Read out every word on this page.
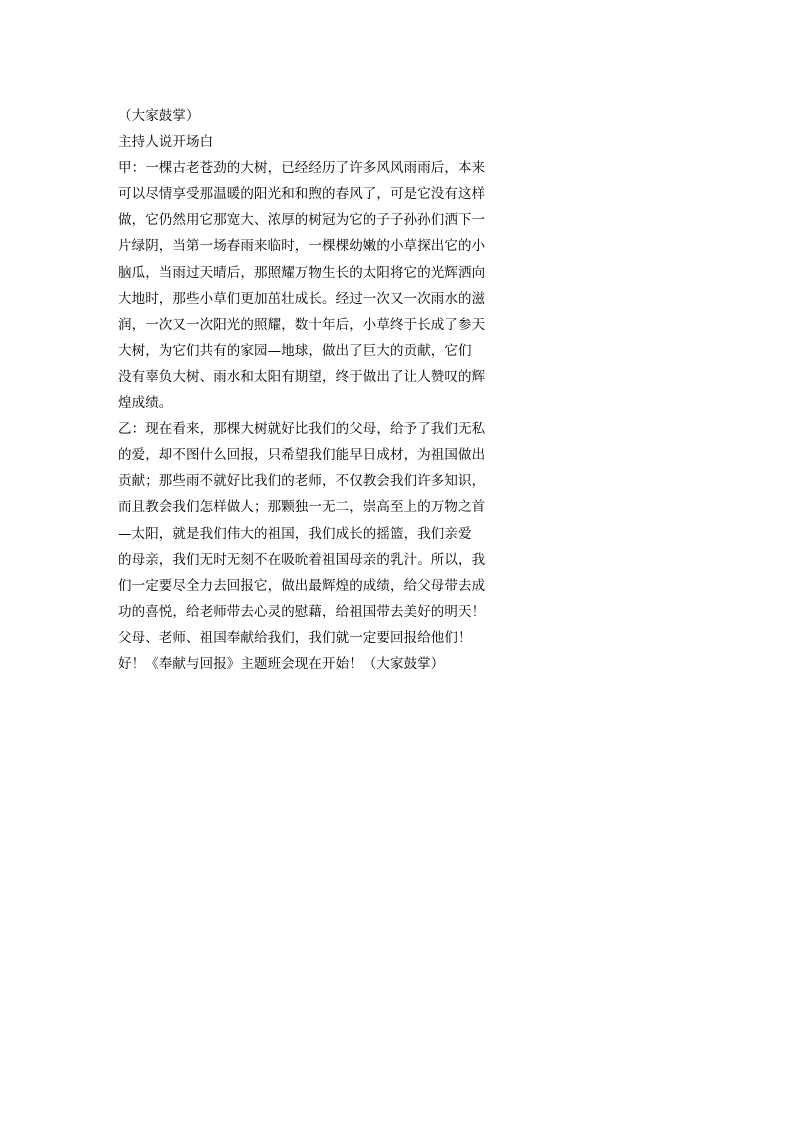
（大家鼓掌）
主持人说开场白
甲：一棵古老苍劲的大树，已经经历了许多风风雨雨后，本来
可以尽情享受那温暖的阳光和和煦的春风了，可是它没有这样
做，它仍然用它那宽大、浓厚的树冠为它的子子孙孙们洒下一
片绿阴，当第一场春雨来临时，一棵棵幼嫩的小草探出它的小
脑瓜，当雨过天晴后，那照耀万物生长的太阳将它的光辉洒向
大地时，那些小草们更加茁壮成长。经过一次又一次雨水的滋
润，一次又一次阳光的照耀，数十年后，小草终于长成了参天
大树，为它们共有的家园—地球，做出了巨大的贡献，它们
没有辜负大树、雨水和太阳有期望，终于做出了让人赞叹的辉
煌成绩。
乙：现在看来，那棵大树就好比我们的父母，给予了我们无私
的爱，却不图什么回报，只希望我们能早日成材，为祖国做出
贡献；那些雨不就好比我们的老师，不仅教会我们许多知识，
而且教会我们怎样做人；那颗独一无二，崇高至上的万物之首
—太阳，就是我们伟大的祖国，我们成长的摇篮，我们亲爱
的母亲，我们无时无刻不在吸吮着祖国母亲的乳汁。所以，我
们一定要尽全力去回报它，做出最辉煌的成绩，给父母带去成
功的喜悦，给老师带去心灵的慰藉，给祖国带去美好的明天！
父母、老师、祖国奉献给我们，我们就一定要回报给他们！
好！《奉献与回报》主题班会现在开始！（大家鼓掌）
